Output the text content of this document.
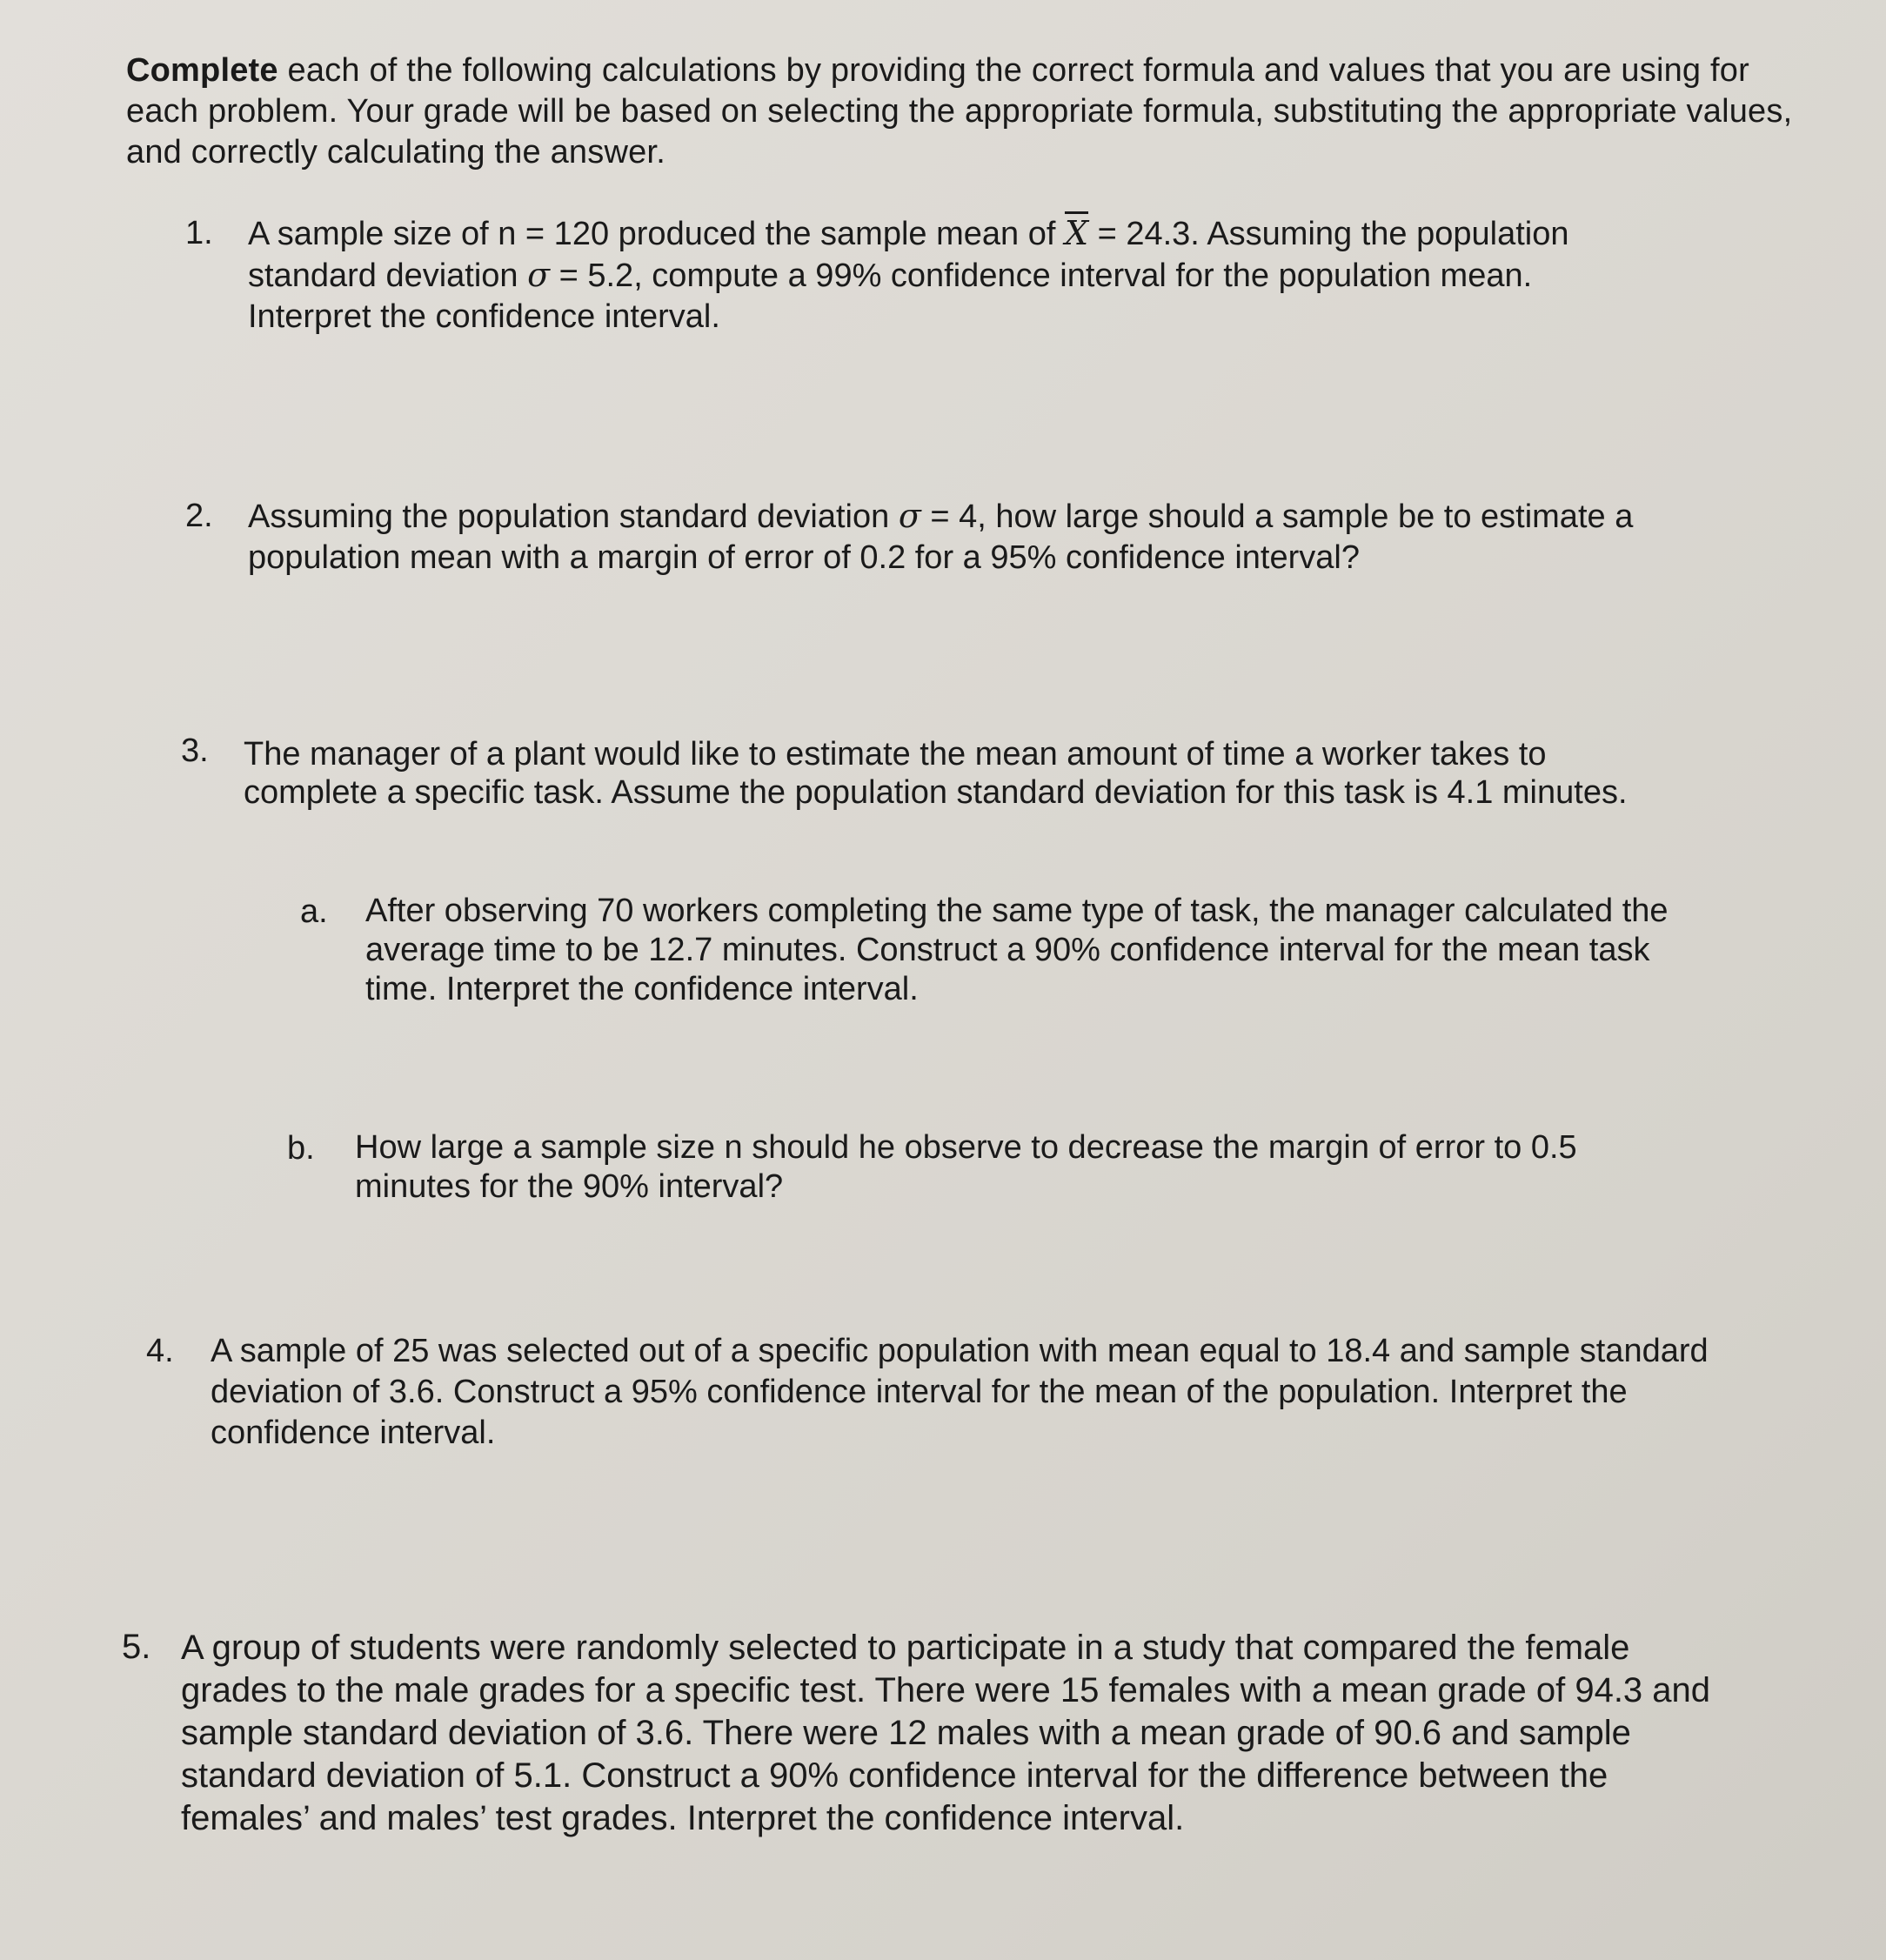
Complete each of the following calculations by providing the correct formula and values that you are using for each problem. Your grade will be based on selecting the appropriate formula, substituting the appropriate values, and correctly calculating the answer.
1. A sample size of n = 120 produced the sample mean of $\overline{X} = 24.3$. Assuming the population standard deviation σ = 5.2, compute a 99% confidence interval for the population mean. Interpret the confidence interval.
2. Assuming the population standard deviation σ = 4, how large should a sample be to estimate a population mean with a margin of error of 0.2 for a 95% confidence interval?
3. The manager of a plant would like to estimate the mean amount of time a worker takes to complete a specific task. Assume the population standard deviation for this task is 4.1 minutes.
a. After observing 70 workers completing the same type of task, the manager calculated the average time to be 12.7 minutes. Construct a 90% confidence interval for the mean task time. Interpret the confidence interval.
b. How large a sample size n should he observe to decrease the margin of error to 0.5 minutes for the 90% interval?
4. A sample of 25 was selected out of a specific population with mean equal to 18.4 and sample standard deviation of 3.6. Construct a 95% confidence interval for the mean of the population. Interpret the confidence interval.
5. A group of students were randomly selected to participate in a study that compared the female grades to the male grades for a specific test. There were 15 females with a mean grade of 94.3 and sample standard deviation of 3.6. There were 12 males with a mean grade of 90.6 and sample standard deviation of 5.1. Construct a 90% confidence interval for the difference between the females’ and males’ test grades. Interpret the confidence interval.
